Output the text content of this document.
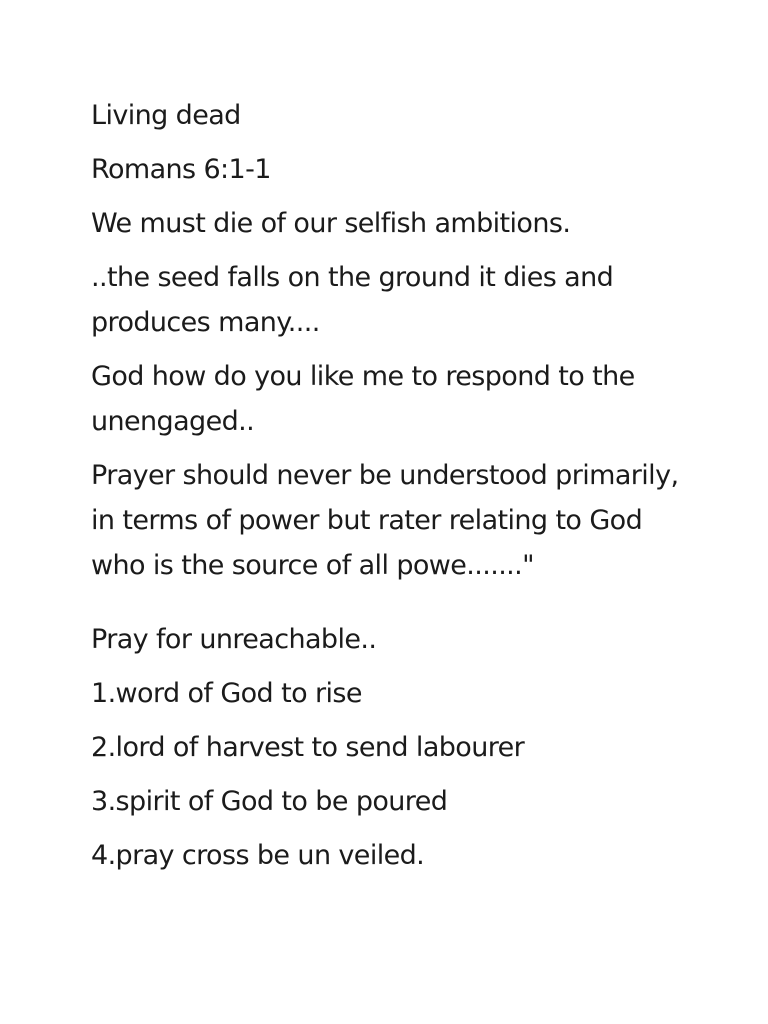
Living dead

Romans 6:1-1

We must die of our selfish ambitions.

..the seed falls on the ground it dies and produces many....

God how do you like me to respond to the unengaged..

Prayer should never be understood primarily, in terms of power but rater relating to God who is the source of all powe......."

Pray for unreachable..

1.word of God to rise

2.lord of harvest to send labourer

3.spirit of God to be poured

4.pray cross be un veiled.
